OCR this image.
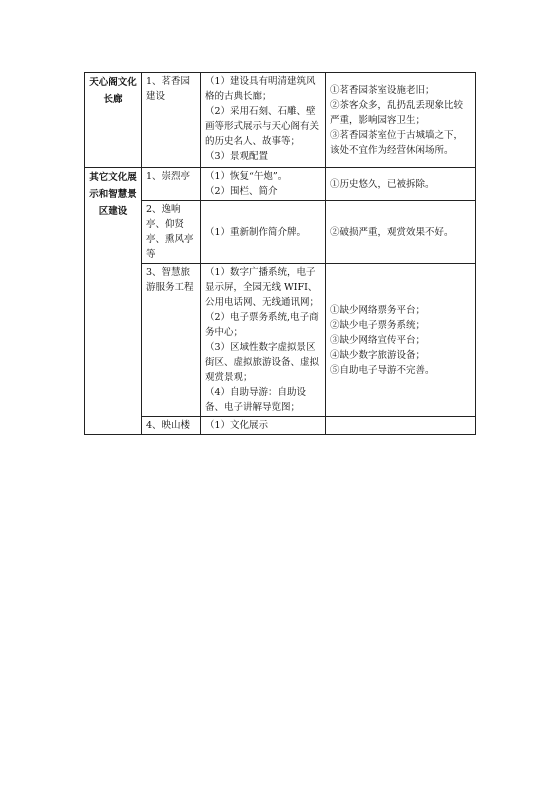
天心阁文化长廊	1、茗香园建设	（1）建设具有明清建筑风格的古典长廊；
（2）采用石刻、石雕、壁画等形式展示与天心阁有关的历史名人、故事等；
（3）景观配置	①茗香园茶室设施老旧；
②茶客众多，乱扔乱丢现象比较严重，影响园容卫生；
③茗香园茶室位于古城墙之下，该处不宜作为经营休闲场所。

其它文化展示和智慧景区建设	1、崇烈亭	（1）恢复“午炮”。
（2）围栏、简介	①历史悠久，已被拆除。

	2、逸响亭、仰贤亭、熏风亭等	（1）重新制作简介牌。	②破损严重，观赏效果不好。

	3、智慧旅游服务工程	（1）数字广播系统，电子显示屏，全园无线 WIFI、公用电话网、无线通讯网；
（2）电子票务系统,电子商务中心；
（3）区域性数字虚拟景区街区、虚拟旅游设备、虚拟观赏景观；
（4）自助导游：自助设备、电子讲解导览图；	①缺少网络票务平台；
②缺少电子票务系统；
③缺少网络宣传平台；
④缺少数字旅游设备；
⑤自助电子导游不完善。

	4、映山楼	（1）文化展示	
